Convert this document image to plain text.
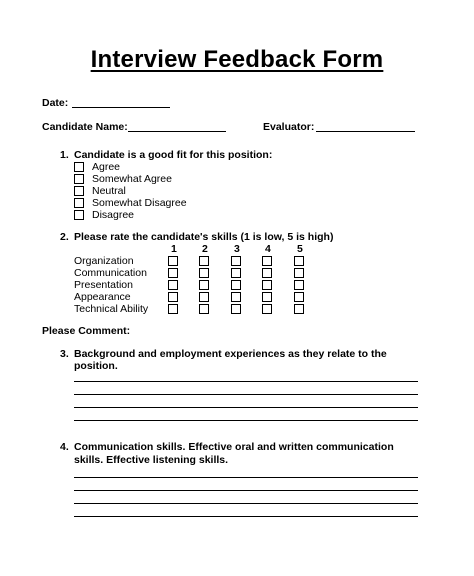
Interview Feedback Form
Date:
Candidate Name:	Evaluator:
1. Candidate is a good fit for this position:
Agree
Somewhat Agree
Neutral
Somewhat Disagree
Disagree
2. Please rate the candidate's skills (1 is low, 5 is high)
1 2 3 4 5
Organization
Communication
Presentation
Appearance
Technical Ability
Please Comment:
3. Background and employment experiences as they relate to the
position.
4. Communication skills. Effective oral and written communication
skills. Effective listening skills.
